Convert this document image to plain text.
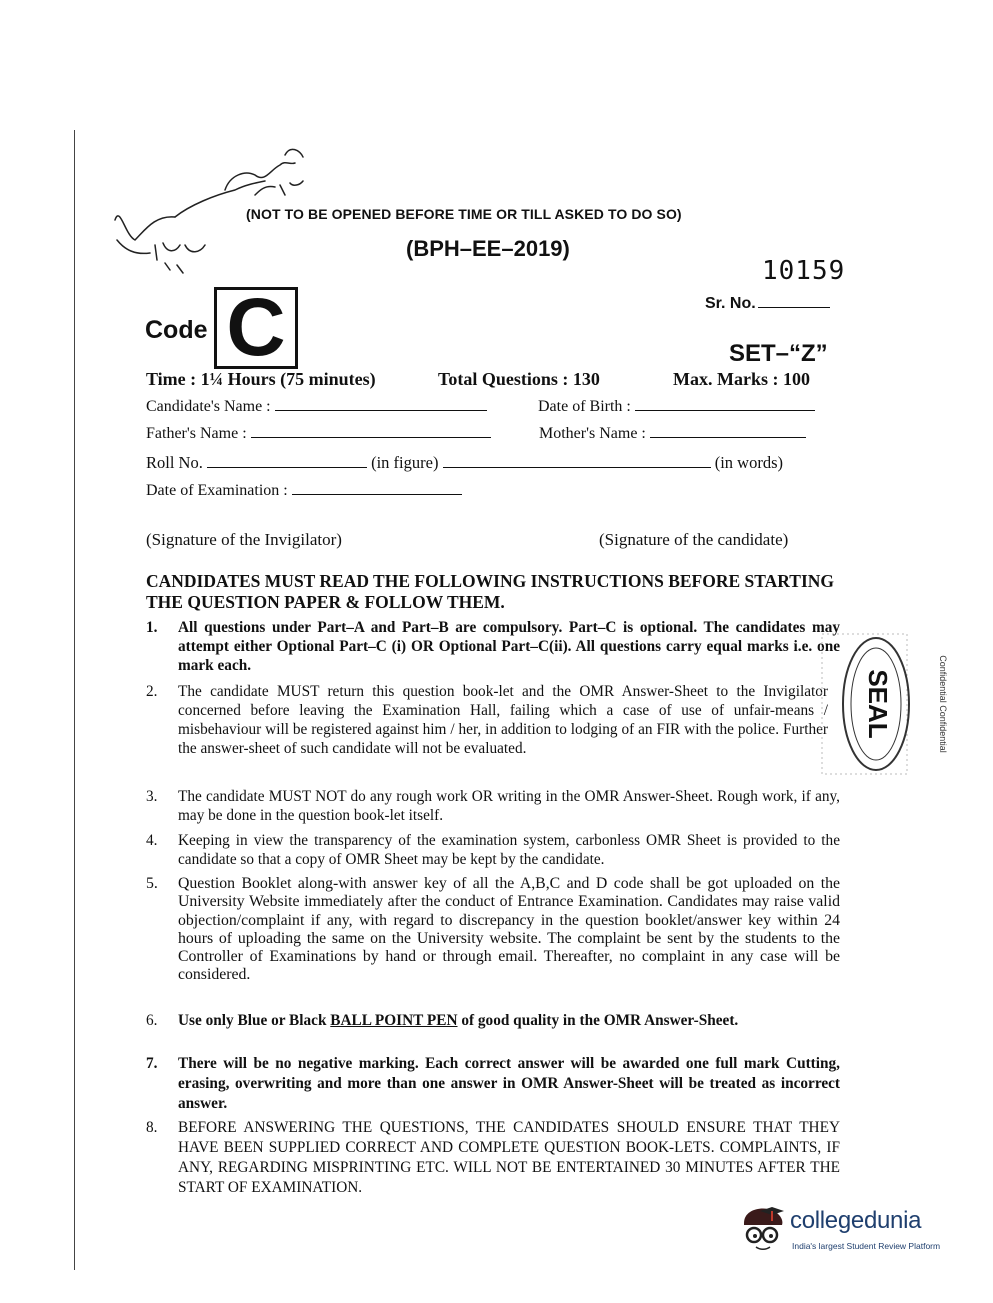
(NOT TO BE OPENED BEFORE TIME OR TILL ASKED TO DO SO)
(BPH–EE–2019)
10159
Sr. No.
Code C	SET–“Z”
Time : 1¼ Hours (75 minutes)	Total Questions : 130	Max. Marks : 100
Candidate's Name :	Date of Birth :
Father's Name :	Mother's Name :
Roll No.	(in figure)	(in words)
Date of Examination :
(Signature of the Invigilator)	(Signature of the candidate)
CANDIDATES MUST READ THE FOLLOWING INSTRUCTIONS BEFORE STARTING THE QUESTION PAPER & FOLLOW THEM.
1. All questions under Part–A and Part–B are compulsory. Part–C is optional. The candidates may attempt either Optional Part–C (i) OR Optional Part–C(ii). All questions carry equal marks i.e. one mark each.
2. The candidate MUST return this question book-let and the OMR Answer-Sheet to the Invigilator concerned before leaving the Examination Hall, failing which a case of use of unfair-means / misbehaviour will be registered against him / her, in addition to lodging of an FIR with the police. Further the answer-sheet of such candidate will not be evaluated.
3. The candidate MUST NOT do any rough work OR writing in the OMR Answer-Sheet. Rough work, if any, may be done in the question book-let itself.
4. Keeping in view the transparency of the examination system, carbonless OMR Sheet is provided to the candidate so that a copy of OMR Sheet may be kept by the candidate.
5. Question Booklet along-with answer key of all the A,B,C and D code shall be got uploaded on the University Website immediately after the conduct of Entrance Examination. Candidates may raise valid objection/complaint if any, with regard to discrepancy in the question booklet/answer key within 24 hours of uploading the same on the University website. The complaint be sent by the students to the Controller of Examinations by hand or through email. Thereafter, no complaint in any case will be considered.
6. Use only Blue or Black BALL POINT PEN of good quality in the OMR Answer-Sheet.
7. There will be no negative marking. Each correct answer will be awarded one full mark Cutting, erasing, overwriting and more than one answer in OMR Answer-Sheet will be treated as incorrect answer.
8. BEFORE ANSWERING THE QUESTIONS, THE CANDIDATES SHOULD ENSURE THAT THEY HAVE BEEN SUPPLIED CORRECT AND COMPLETE QUESTION BOOK-LETS. COMPLAINTS, IF ANY, REGARDING MISPRINTING ETC. WILL NOT BE ENTERTAINED 30 MINUTES AFTER THE START OF EXAMINATION.
SEAL	Confidential Confidential
collegedunia
India's largest Student Review Platform
